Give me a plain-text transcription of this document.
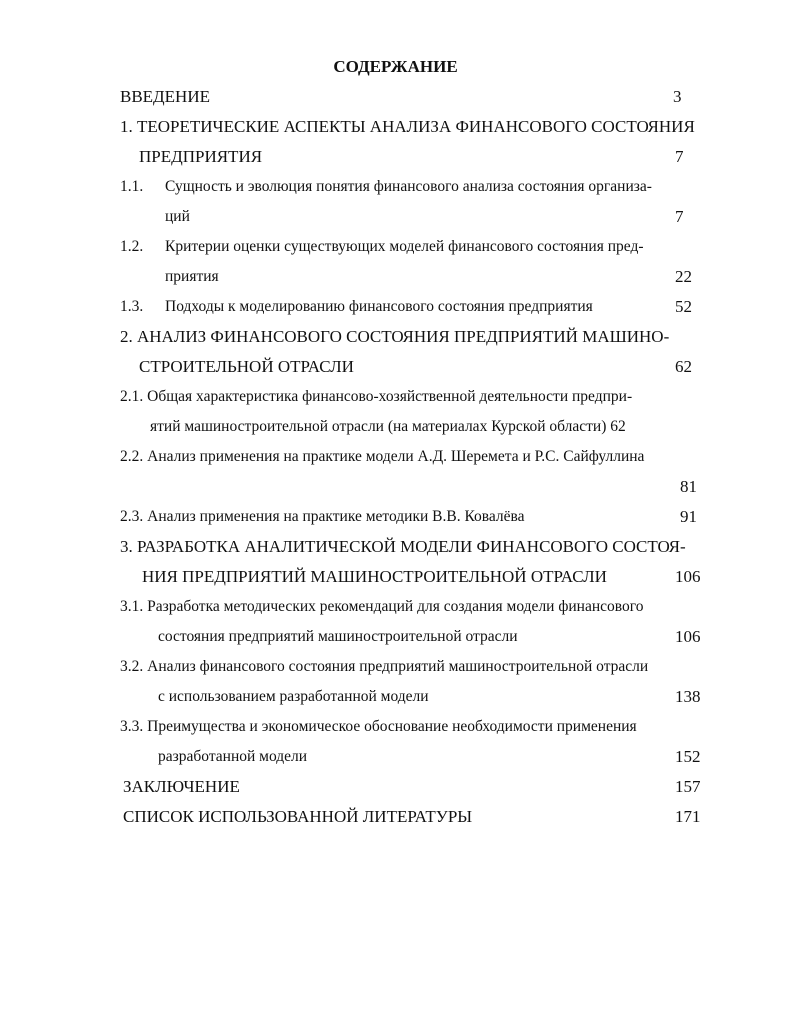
СОДЕРЖАНИЕ
ВВЕДЕНИЕ	3
1. ТЕОРЕТИЧЕСКИЕ АСПЕКТЫ АНАЛИЗА ФИНАНСОВОГО СОСТОЯНИЯ
ПРЕДПРИЯТИЯ	7
1.1. Сущность и эволюция понятия финансового анализа состояния организа-
ций	7
1.2. Критерии оценки существующих моделей финансового состояния пред-
приятия	22
1.3. Подходы к моделированию финансового состояния предприятия	52
2. АНАЛИЗ ФИНАНСОВОГО СОСТОЯНИЯ ПРЕДПРИЯТИЙ МАШИНО-
СТРОИТЕЛЬНОЙ ОТРАСЛИ	62
2.1. Общая характеристика финансово-хозяйственной деятельности предпри-
ятий машиностроительной отрасли (на материалах Курской области) 62
2.2. Анализ применения на практике модели А.Д. Шеремета и Р.С. Сайфуллина
81
2.3. Анализ применения на практике методики В.В. Ковалёва	91
3. РАЗРАБОТКА АНАЛИТИЧЕСКОЙ МОДЕЛИ ФИНАНСОВОГО СОСТОЯ-
НИЯ ПРЕДПРИЯТИЙ МАШИНОСТРОИТЕЛЬНОЙ ОТРАСЛИ	106
3.1. Разработка методических рекомендаций для создания модели финансового
состояния предприятий машиностроительной отрасли	106
3.2. Анализ финансового состояния предприятий машиностроительной отрасли
с использованием разработанной модели	138
3.3. Преимущества и экономическое обоснование необходимости применения
разработанной модели	152
ЗАКЛЮЧЕНИЕ	157
СПИСОК ИСПОЛЬЗОВАННОЙ ЛИТЕРАТУРЫ	171
